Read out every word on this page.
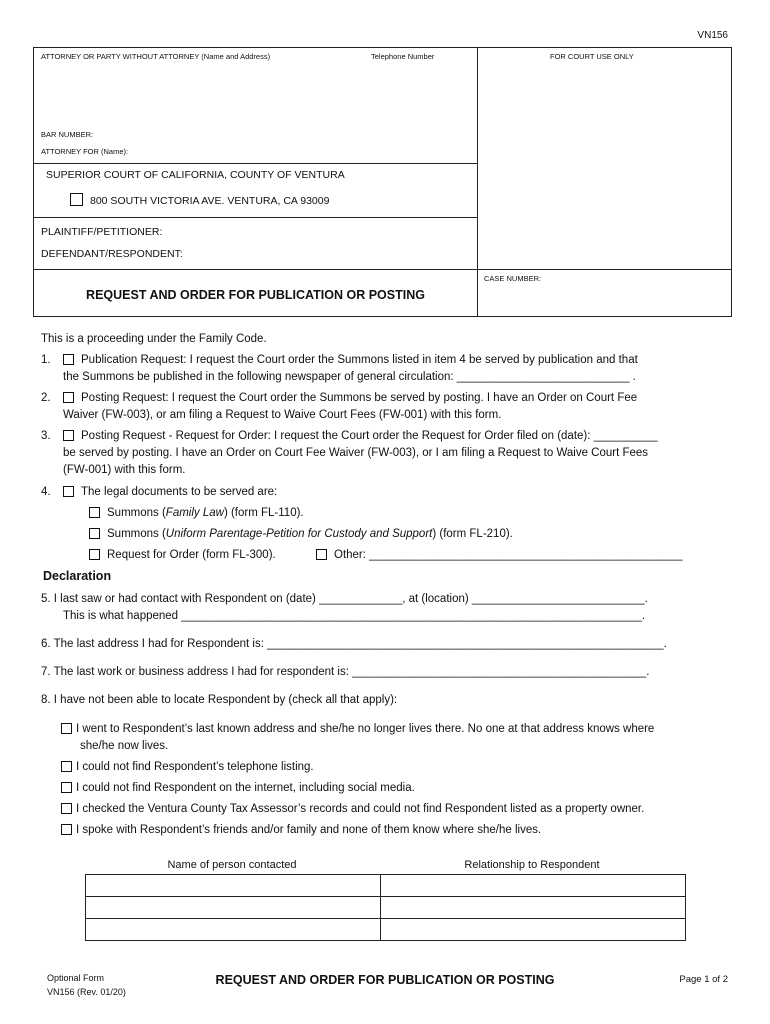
VN156
ATTORNEY OR PARTY WITHOUT ATTORNEY (Name and Address)	Telephone Number	FOR COURT USE ONLY
BAR NUMBER:
ATTORNEY FOR (Name):
SUPERIOR COURT OF CALIFORNIA, COUNTY OF VENTURA
800 SOUTH VICTORIA AVE. VENTURA, CA 93009
PLAINTIFF/PETITIONER:
DEFENDANT/RESPONDENT:
CASE NUMBER:
REQUEST AND ORDER FOR PUBLICATION OR POSTING
This is a proceeding under the Family Code.
1.	Publication Request: I request the Court order the Summons listed in item 4 be served by publication and that
the Summons be published in the following newspaper of general circulation: ___________________________ .
2.	Posting Request: I request the Court order the Summons be served by posting. I have an Order on Court Fee
Waiver (FW-003), or am filing a Request to Waive Court Fees (FW-001) with this form.
3.	Posting Request - Request for Order: I request the Court order the Request for Order filed on (date): __________
be served by posting. I have an Order on Court Fee Waiver (FW-003), or I am filing a Request to Waive Court Fees
(FW-001) with this form.
4.	The legal documents to be served are:
Summons (Family Law) (form FL-110).
Summons (Uniform Parentage-Petition for Custody and Support) (form FL-210).
Request for Order (form FL-300).	Other: _________________________________________________
Declaration
5. I last saw or had contact with Respondent on (date) _____________, at (location) ___________________________.
This is what happened ________________________________________________________________________.
6. The last address I had for Respondent is: ______________________________________________________________.
7. The last work or business address I had for respondent is: ______________________________________________.
8. I have not been able to locate Respondent by (check all that apply):
I went to Respondent’s last known address and she/he no longer lives there. No one at that address knows where
she/he now lives.
I could not find Respondent’s telephone listing.
I could not find Respondent on the internet, including social media.
I checked the Ventura County Tax Assessor’s records and could not find Respondent listed as a property owner.
I spoke with Respondent’s friends and/or family and none of them know where she/he lives.
Name of person contacted	Relationship to Respondent

Optional Form
VN156 (Rev. 01/20)
REQUEST AND ORDER FOR PUBLICATION OR POSTING	Page 1 of 2
